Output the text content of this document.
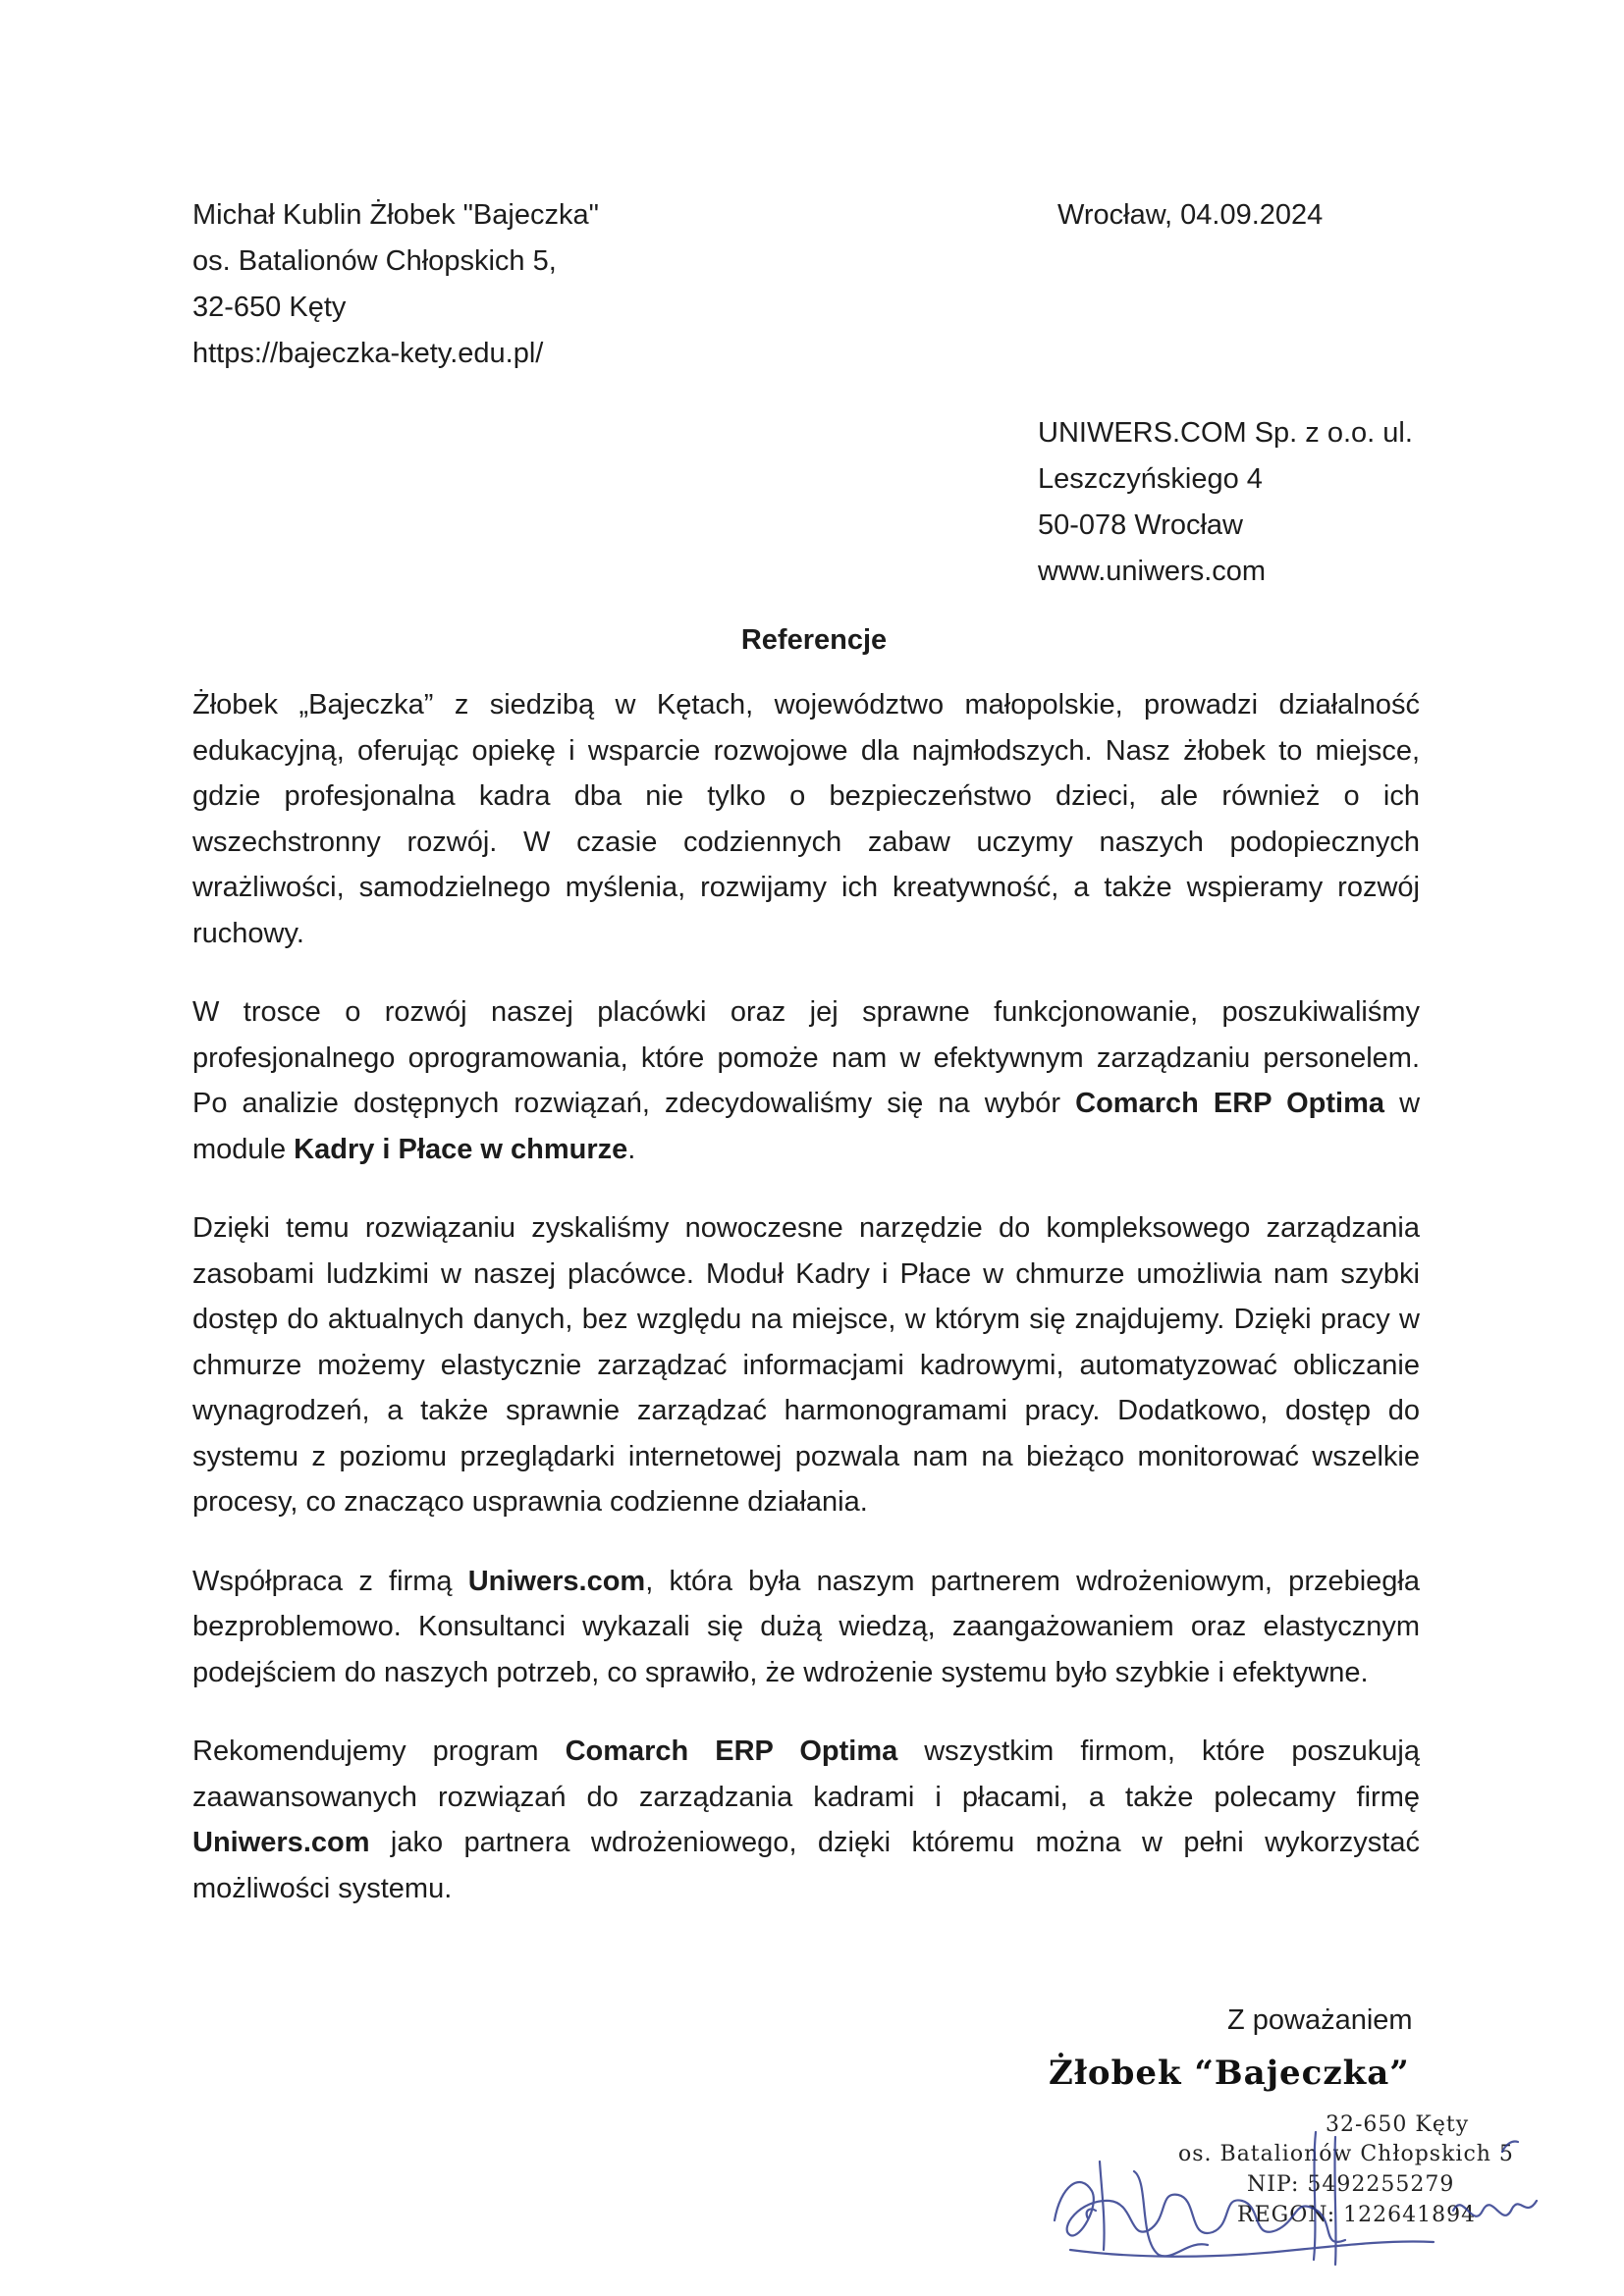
Michał Kublin Żłobek "Bajeczka"
os. Batalionów Chłopskich 5,
32-650 Kęty
https://bajeczka-kety.edu.pl/
Wrocław, 04.09.2024
UNIWERS.COM Sp. z o.o. ul.
Leszczyńskiego 4
50-078 Wrocław
www.uniwers.com
Referencje

Żłobek „Bajeczka” z siedzibą w Kętach, województwo małopolskie, prowadzi działalność edukacyjną, oferując opiekę i wsparcie rozwojowe dla najmłodszych. Nasz żłobek to miejsce, gdzie profesjonalna kadra dba nie tylko o bezpieczeństwo dzieci, ale również o ich wszechstronny rozwój. W czasie codziennych zabaw uczymy naszych podopiecznych wrażliwości, samodzielnego myślenia, rozwijamy ich kreatywność, a także wspieramy rozwój ruchowy.

W trosce o rozwój naszej placówki oraz jej sprawne funkcjonowanie, poszukiwaliśmy profesjonalnego oprogramowania, które pomoże nam w efektywnym zarządzaniu personelem. Po analizie dostępnych rozwiązań, zdecydowaliśmy się na wybór Comarch ERP Optima w module Kadry i Płace w chmurze.

Dzięki temu rozwiązaniu zyskaliśmy nowoczesne narzędzie do kompleksowego zarządzania zasobami ludzkimi w naszej placówce. Moduł Kadry i Płace w chmurze umożliwia nam szybki dostęp do aktualnych danych, bez względu na miejsce, w którym się znajdujemy. Dzięki pracy w chmurze możemy elastycznie zarządzać informacjami kadrowymi, automatyzować obliczanie wynagrodzeń, a także sprawnie zarządzać harmonogramami pracy. Dodatkowo, dostęp do systemu z poziomu przeglądarki internetowej pozwala nam na bieżąco monitorować wszelkie procesy, co znacząco usprawnia codzienne działania.

Współpraca z firmą Uniwers.com, która była naszym partnerem wdrożeniowym, przebiegła bezproblemowo. Konsultanci wykazali się dużą wiedzą, zaangażowaniem oraz elastycznym podejściem do naszych potrzeb, co sprawiło, że wdrożenie systemu było szybkie i efektywne.

Rekomendujemy program Comarch ERP Optima wszystkim firmom, które poszukują zaawansowanych rozwiązań do zarządzania kadrami i płacami, a także polecamy firmę Uniwers.com jako partnera wdrożeniowego, dzięki któremu można w pełni wykorzystać możliwości systemu.

Z poważaniem
Żłobek “Bajeczka”
32-650 Kęty
os. Batalionów Chłopskich 5
NIP: 5492255279
REGON: 122641894
